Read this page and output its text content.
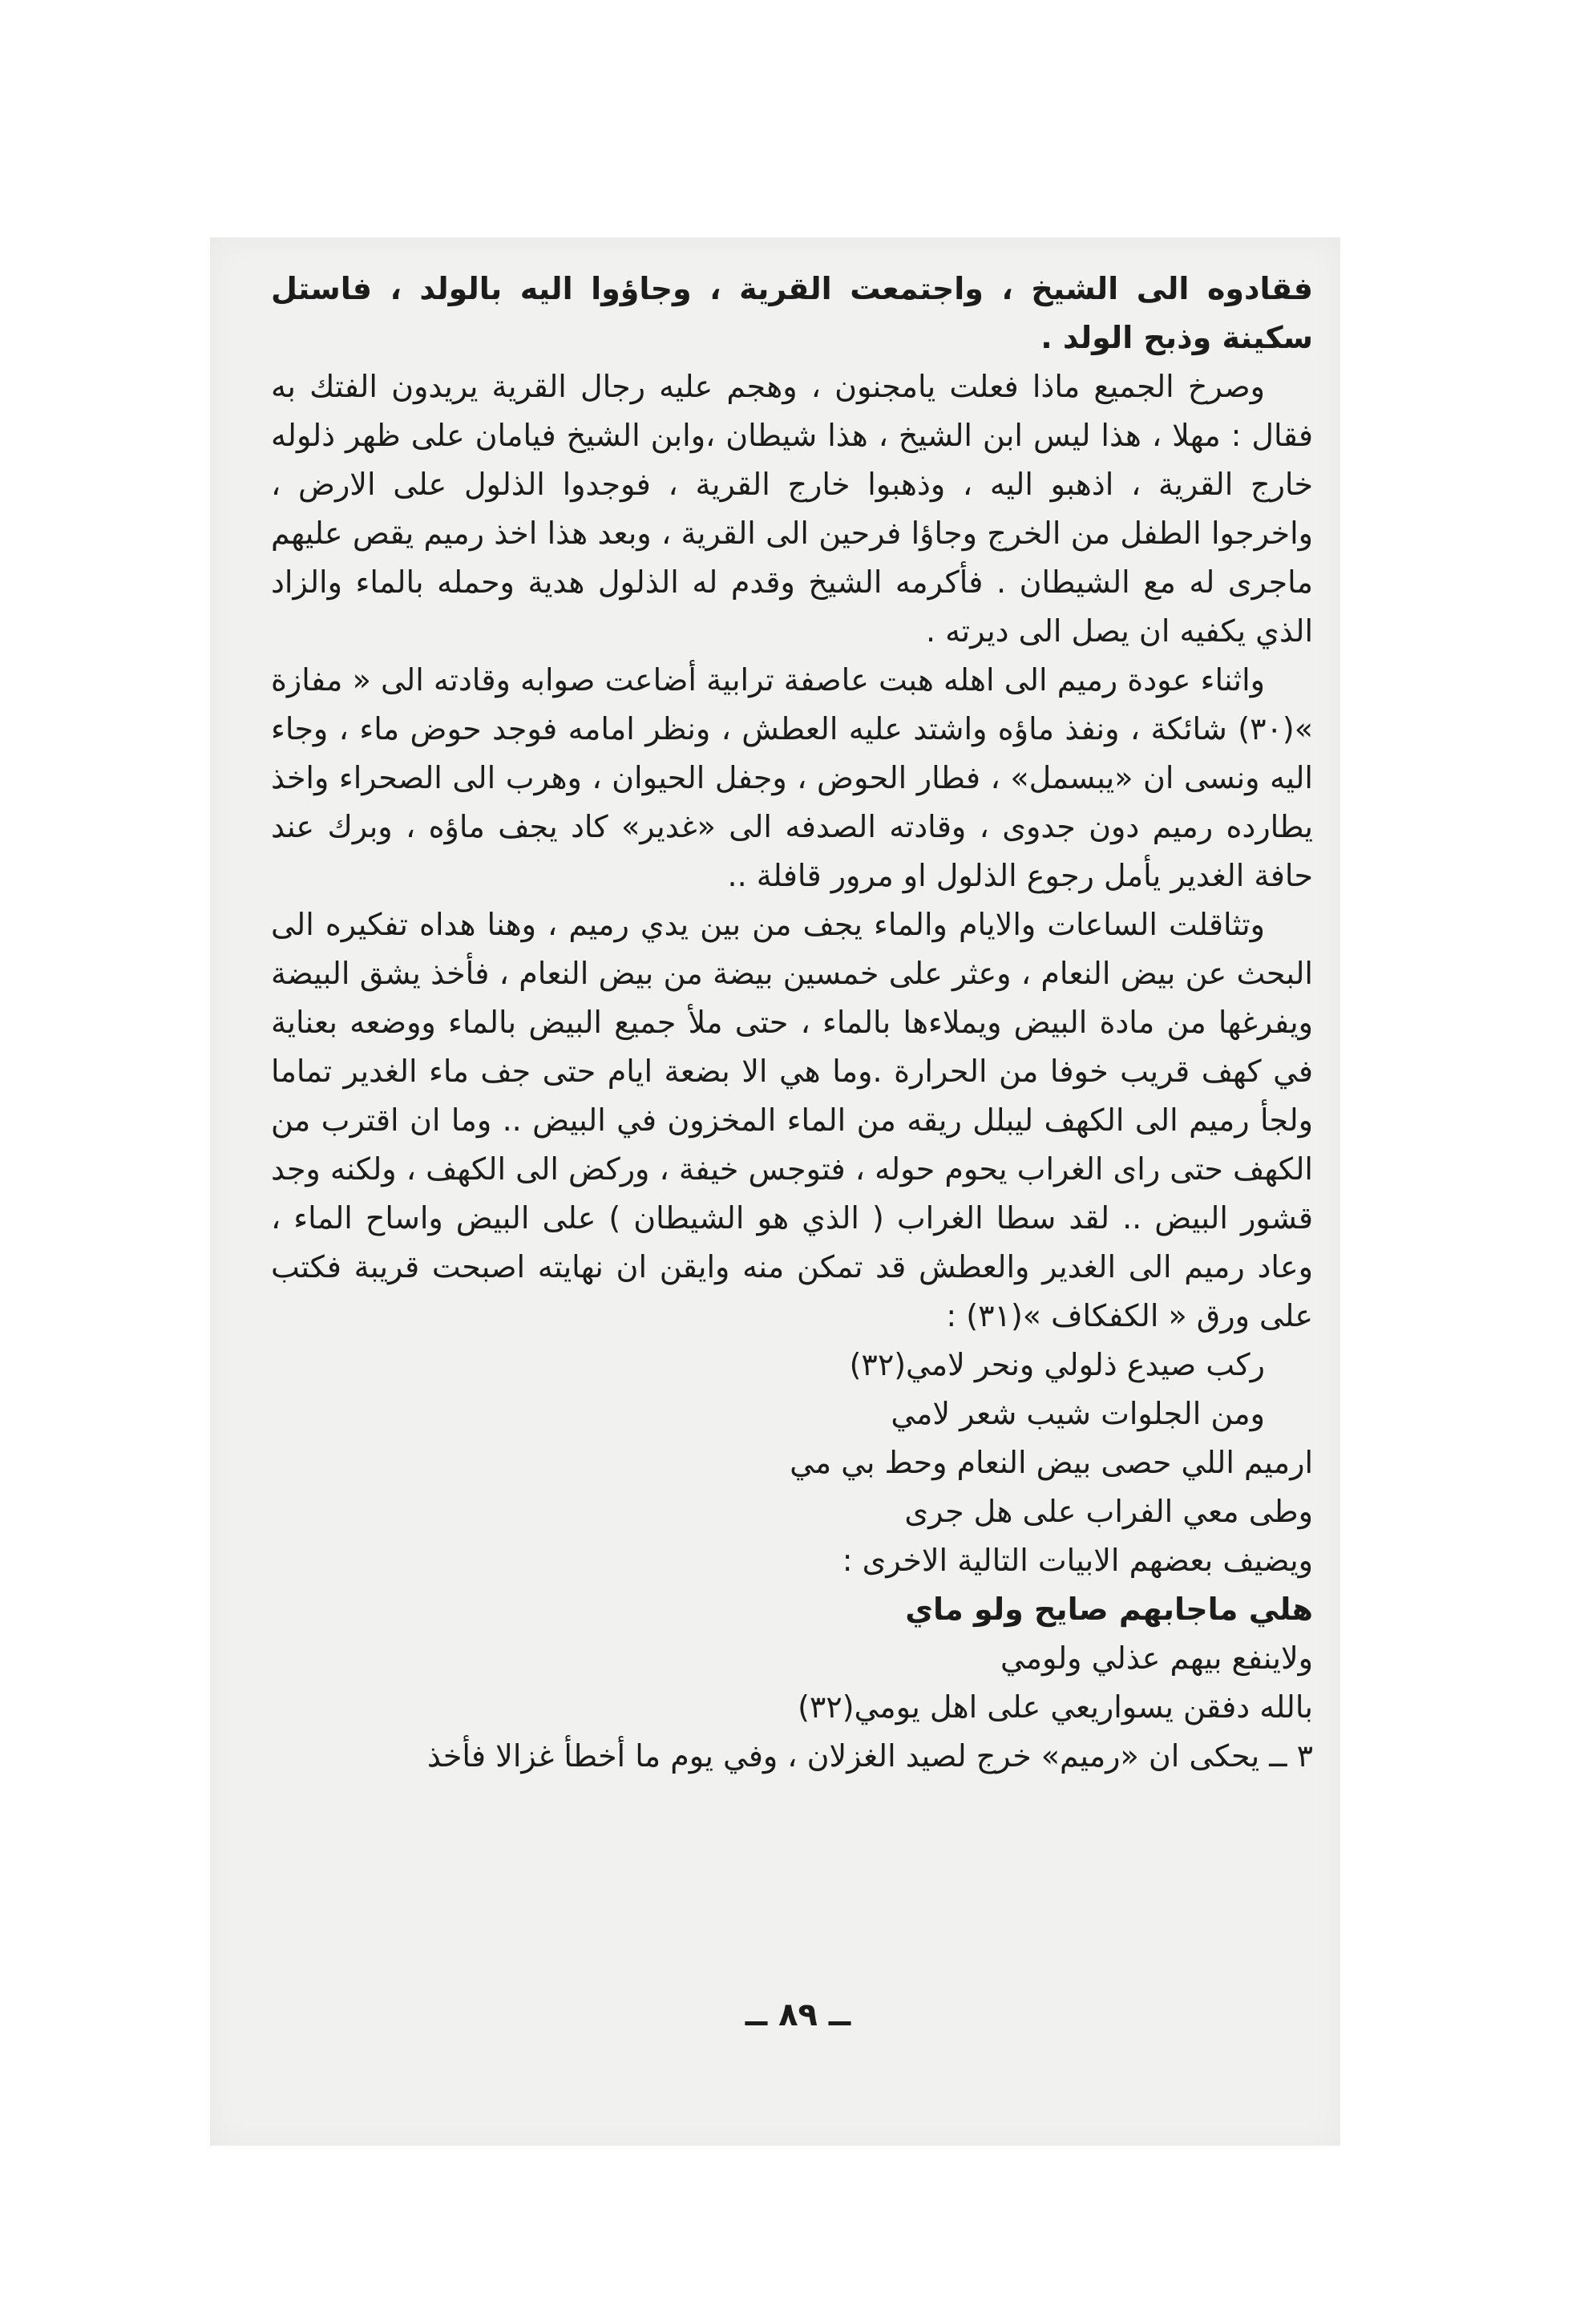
فقادوه الى الشيخ ، واجتمعت القرية ، وجاؤوا اليه بالولد ، فاستل سكينة وذبح الولد .

وصرخ الجميع ماذا فعلت يامجنون ، وهجم عليه رجال القرية يريدون الفتك به فقال : مهلا ، هذا ليس ابن الشيخ ، هذا شيطان ،وابن الشيخ فيامان على ظهر ذلوله خارج القرية ، اذهبو اليه ، وذهبوا خارج القرية ، فوجدوا الذلول على الارض ، واخرجوا الطفل من الخرج وجاؤا فرحين الى القرية ، وبعد هذا اخذ رميم يقص عليهم ماجرى له مع الشيطان . فأكرمه الشيخ وقدم له الذلول هدية وحمله بالماء والزاد الذي يكفيه ان يصل الى ديرته .

واثناء عودة رميم الى اهله هبت عاصفة ترابية أضاعت صوابه وقادته الى « مفازة »(٣٠) شائكة ، ونفذ ماؤه واشتد عليه العطش ، ونظر امامه فوجد حوض ماء ، وجاء اليه ونسى ان «يبسمل» ، فطار الحوض ، وجفل الحيوان ، وهرب الى الصحراء واخذ يطارده رميم دون جدوى ، وقادته الصدفه الى «غدير» كاد يجف ماؤه ، وبرك عند حافة الغدير يأمل رجوع الذلول او مرور قافلة ..

وتثاقلت الساعات والايام والماء يجف من بين يدي رميم ، وهنا هداه تفكيره الى البحث عن بيض النعام ، وعثر على خمسين بيضة من بيض النعام ، فأخذ يشق البيضة ويفرغها من مادة البيض ويملاءها بالماء ، حتى ملأ جميع البيض بالماء ووضعه بعناية في كهف قريب خوفا من الحرارة .وما هي الا بضعة ايام حتى جف ماء الغدير تماما ولجأ رميم الى الكهف ليبلل ريقه من الماء المخزون في البيض .. وما ان اقترب من الكهف حتى راى الغراب يحوم حوله ، فتوجس خيفة ، وركض الى الكهف ، ولكنه وجد قشور البيض .. لقد سطا الغراب ( الذي هو الشيطان ) على البيض واساح الماء ، وعاد رميم الى الغدير والعطش قد تمكن منه وايقن ان نهايته اصبحت قريبة فكتب على ورق « الكفكاف »(٣١) :

ركب صيدع ذلولي ونحر لامي(٣٢)

ومن الجلوات شيب شعر لامي

ارميم اللي حصى بيض النعام وحط بي مي

وطى معي الفراب على هل جرى

ويضيف بعضهم الابيات التالية الاخرى :

هلي ماجابهم صايح ولو ماي

ولاينفع بيهم عذلي ولومي

بالله دفقن يسواريعي على اهل يومي(٣٢)

٣ ــ يحكى ان «رميم» خرج لصيد الغزلان ، وفي يوم ما أخطأ غزالا فأخذ

ــ ٨٩ ــ
